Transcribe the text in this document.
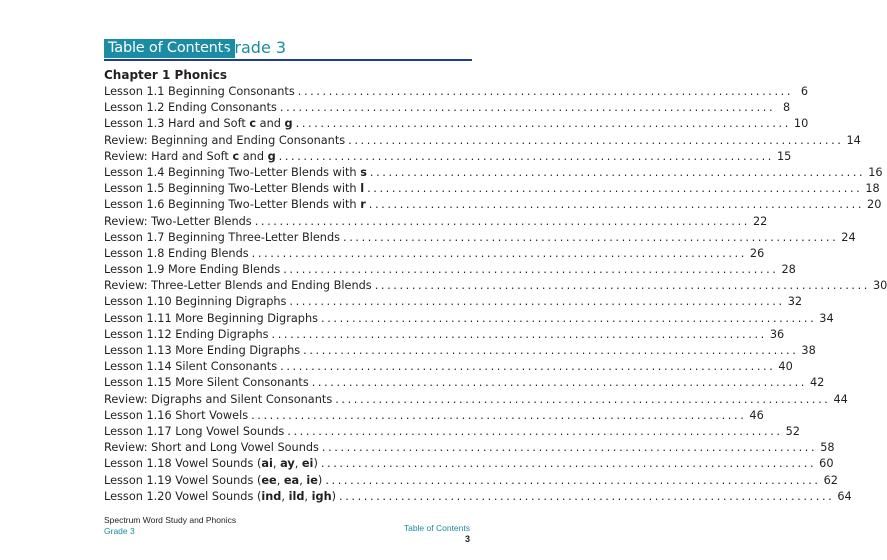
Table of Contents
Grade 3
Chapter 1 Phonics
Lesson 1.1 Beginning Consonants ................................................................................ 6
Lesson 1.2 Ending Consonants ................................................................................ 8
Lesson 1.3 Hard and Soft c and g ................................................................................ 10
Review: Beginning and Ending Consonants ................................................................................ 14
Review: Hard and Soft c and g ................................................................................ 15
Lesson 1.4 Beginning Two-Letter Blends with s ................................................................................ 16
Lesson 1.5 Beginning Two-Letter Blends with l ................................................................................ 18
Lesson 1.6 Beginning Two-Letter Blends with r ................................................................................ 20
Review: Two-Letter Blends ................................................................................ 22
Lesson 1.7 Beginning Three-Letter Blends ................................................................................ 24
Lesson 1.8 Ending Blends ................................................................................ 26
Lesson 1.9 More Ending Blends ................................................................................ 28
Review: Three-Letter Blends and Ending Blends ................................................................................ 30
Lesson 1.10 Beginning Digraphs ................................................................................ 32
Lesson 1.11 More Beginning Digraphs ................................................................................ 34
Lesson 1.12 Ending Digraphs ................................................................................ 36
Lesson 1.13 More Ending Digraphs ................................................................................ 38
Lesson 1.14 Silent Consonants ................................................................................ 40
Lesson 1.15 More Silent Consonants ................................................................................ 42
Review: Digraphs and Silent Consonants ................................................................................ 44
Lesson 1.16 Short Vowels ................................................................................ 46
Lesson 1.17 Long Vowel Sounds ................................................................................ 52
Review: Short and Long Vowel Sounds ................................................................................ 58
Lesson 1.18 Vowel Sounds (ai, ay, ei) ................................................................................ 60
Lesson 1.19 Vowel Sounds (ee, ea, ie) ................................................................................ 62
Lesson 1.20 Vowel Sounds (ind, ild, igh) ................................................................................ 64
Spectrum Word Study and Phonics
Grade 3	Table of Contents
3
